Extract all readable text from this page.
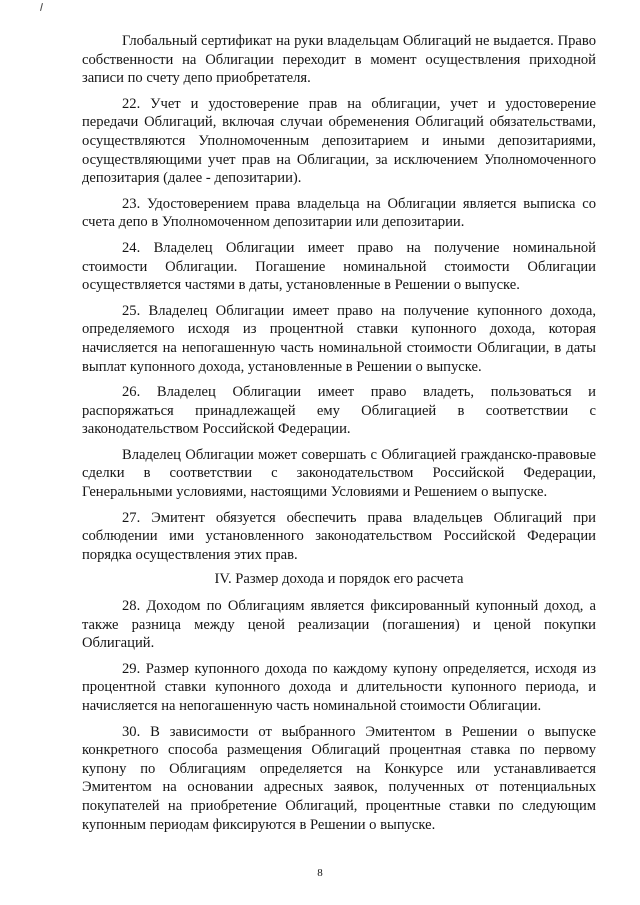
Глобальный сертификат на руки владельцам Облигаций не выдается. Право собственности на Облигации переходит в момент осуществления приходной записи по счету депо приобретателя.

22. Учет и удостоверение прав на облигации, учет и удостоверение передачи Облигаций, включая случаи обременения Облигаций обязательствами, осуществляются Уполномоченным депозитарием и иными депозитариями, осуществляющими учет прав на Облигации, за исключением Уполномоченного депозитария (далее - депозитарии).

23. Удостоверением права владельца на Облигации является выписка со счета депо в Уполномоченном депозитарии или депозитарии.

24. Владелец Облигации имеет право на получение номинальной стоимости Облигации. Погашение номинальной стоимости Облигации осуществляется частями в даты, установленные в Решении о выпуске.

25. Владелец Облигации имеет право на получение купонного дохода, определяемого исходя из процентной ставки купонного дохода, которая начисляется на непогашенную часть номинальной стоимости Облигации, в даты выплат купонного дохода, установленные в Решении о выпуске.

26. Владелец Облигации имеет право владеть, пользоваться и распоряжаться принадлежащей ему Облигацией в соответствии с законодательством Российской Федерации.

Владелец Облигации может совершать с Облигацией гражданско-правовые сделки в соответствии с законодательством Российской Федерации, Генеральными условиями, настоящими Условиями и Решением о выпуске.

27. Эмитент обязуется обеспечить права владельцев Облигаций при соблюдении ими установленного законодательством Российской Федерации порядка осуществления этих прав.

IV. Размер дохода и порядок его расчета

28. Доходом по Облигациям является фиксированный купонный доход, а также разница между ценой реализации (погашения) и ценой покупки Облигаций.

29. Размер купонного дохода по каждому купону определяется, исходя из процентной ставки купонного дохода и длительности купонного периода, и начисляется на непогашенную часть номинальной стоимости Облигации.

30. В зависимости от выбранного Эмитентом в Решении о выпуске конкретного способа размещения Облигаций процентная ставка по первому купону по Облигациям определяется на Конкурсе или устанавливается Эмитентом на основании адресных заявок, полученных от потенциальных покупателей на приобретение Облигаций, процентные ставки по следующим купонным периодам фиксируются в Решении о выпуске.

8
